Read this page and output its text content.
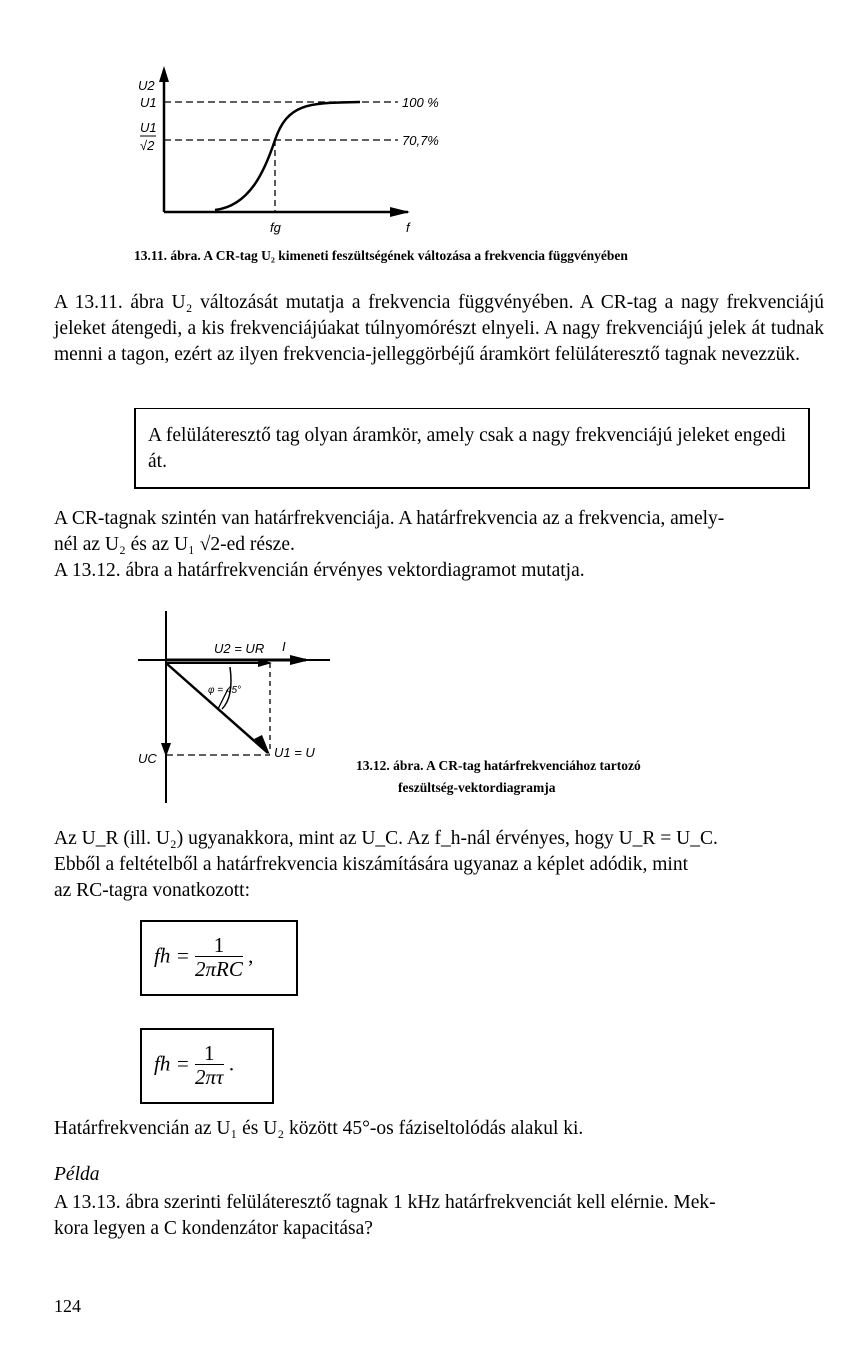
U2
U1
U1
√2
100 %
70,7%
fg	f
13.11. ábra. A CR-tag U₂ kimeneti feszültségének változása a frekvencia függvényében
A 13.11. ábra U₂ változását mutatja a frekvencia függvényében. A CR-tag a nagy frekvenciájú jeleket átengedi, a kis frekvenciájúakat túlnyomórészt elnyeli. A nagy frekvenciájú jelek át tudnak menni a tagon, ezért az ilyen frekvencia-jelleggörbéjű áramkört felüláteresztő tagnak nevezzük.
A felüláteresztő tag olyan áramkör, amely csak a nagy frekvenciájú jeleket engedi át.
A CR-tagnak szintén van határfrekvenciája. A határfrekvencia az a frekvencia, amely-
nél az U₂ és az U₁ √2-ed része.
A 13.12. ábra a határfrekvencián érvényes vektordiagramot mutatja.
U2 = UR I
φ = 45°
UC	U1 = U
13.12. ábra. A CR-tag határfrekvenciához tartozó
feszültség-vektordiagramja
Az U_R (ill. U₂) ugyanakkora, mint az U_C. Az f_h-nál érvényes, hogy U_R = U_C.
Ebből a feltételből a határfrekvencia kiszámítására ugyanaz a képlet adódik, mint
az RC-tagra vonatkozott:
fh = $\frac{1}{\text{2πRC}}$ ,
fh = $\frac{1}{2\pi\tau}$ .
Határfrekvencián az U₁ és U₂ között 45°-os fáziseltolódás alakul ki.
Példa
A 13.13. ábra szerinti felüláteresztő tagnak 1 kHz határfrekvenciát kell elérnie. Mek-
kora legyen a C kondenzátor kapacitása?
124
